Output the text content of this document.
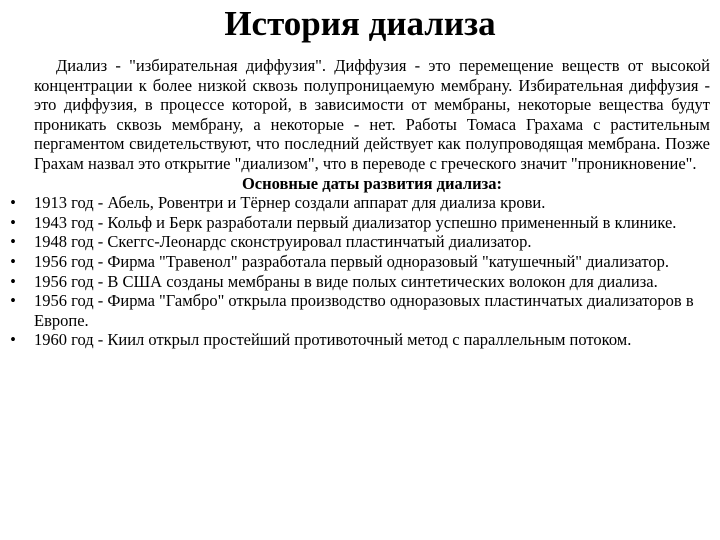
История диализа

Диализ - "избирательная диффузия". Диффузия - это перемещение веществ от высокой концентрации к более низкой сквозь полупроницаемую мембрану. Избирательная диффузия - это диффузия, в процессе которой, в зависимости от мембраны, некоторые вещества будут проникать сквозь мембрану, а некоторые - нет. Работы Томаса Грахама с растительным пергаментом свидетельствуют, что последний действует как полупроводящая мембрана. Позже Грахам назвал это открытие "диализом", что в переводе с греческого значит "проникновение".

Основные даты развития диализа:

• 1913 год - Абель, Ровентри и Тёрнер создали аппарат для диализа крови.
• 1943 год - Кольф и Берк разработали первый диализатор успешно примененный в клинике.
• 1948 год - Скеггс-Леонардс сконструировал пластинчатый диализатор.
• 1956 год - Фирма "Травенол" разработала первый одноразовый "катушечный" диализатор.
• 1956 год - В США созданы мембраны в виде полых синтетических волокон для диализа.
• 1956 год - Фирма "Гамбро" открыла производство одноразовых пластинчатых диализаторов в Европе.
• 1960 год - Киил открыл простейший противоточный метод с параллельным потоком.
